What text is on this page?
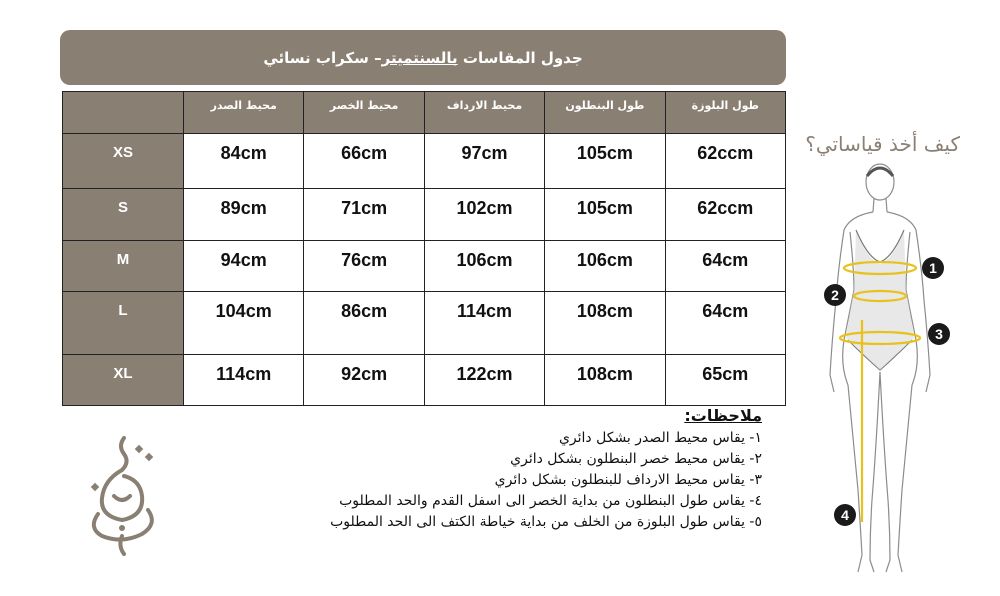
جدول المقاسات بالسنتميتر– سكراب نسائي
	محيط الصدر	محيط الخصر	محيط الارداف	طول البنطلون	طول البلوزة
XS	84cm	66cm	97cm	105cm	62ccm
S	89cm	71cm	102cm	105cm	62ccm
M	94cm	76cm	106cm	106cm	64cm
L	104cm	86cm	114cm	108cm	64cm
XL	114cm	92cm	122cm	108cm	65cm
ملاحظات:
١- يقاس محيط الصدر بشكل دائري
٢- يقاس محيط خصر البنطلون بشكل دائري
٣- يقاس محيط الارداف للبنطلون بشكل دائري
٤- يقاس طول البنطلون من بداية الخصر الى اسفل القدم والحد المطلوب
٥- يقاس طول البلوزة من الخلف من بداية خياطة الكتف الى الحد المطلوب
كيف أخذ قياساتي؟
1
2
3
4
